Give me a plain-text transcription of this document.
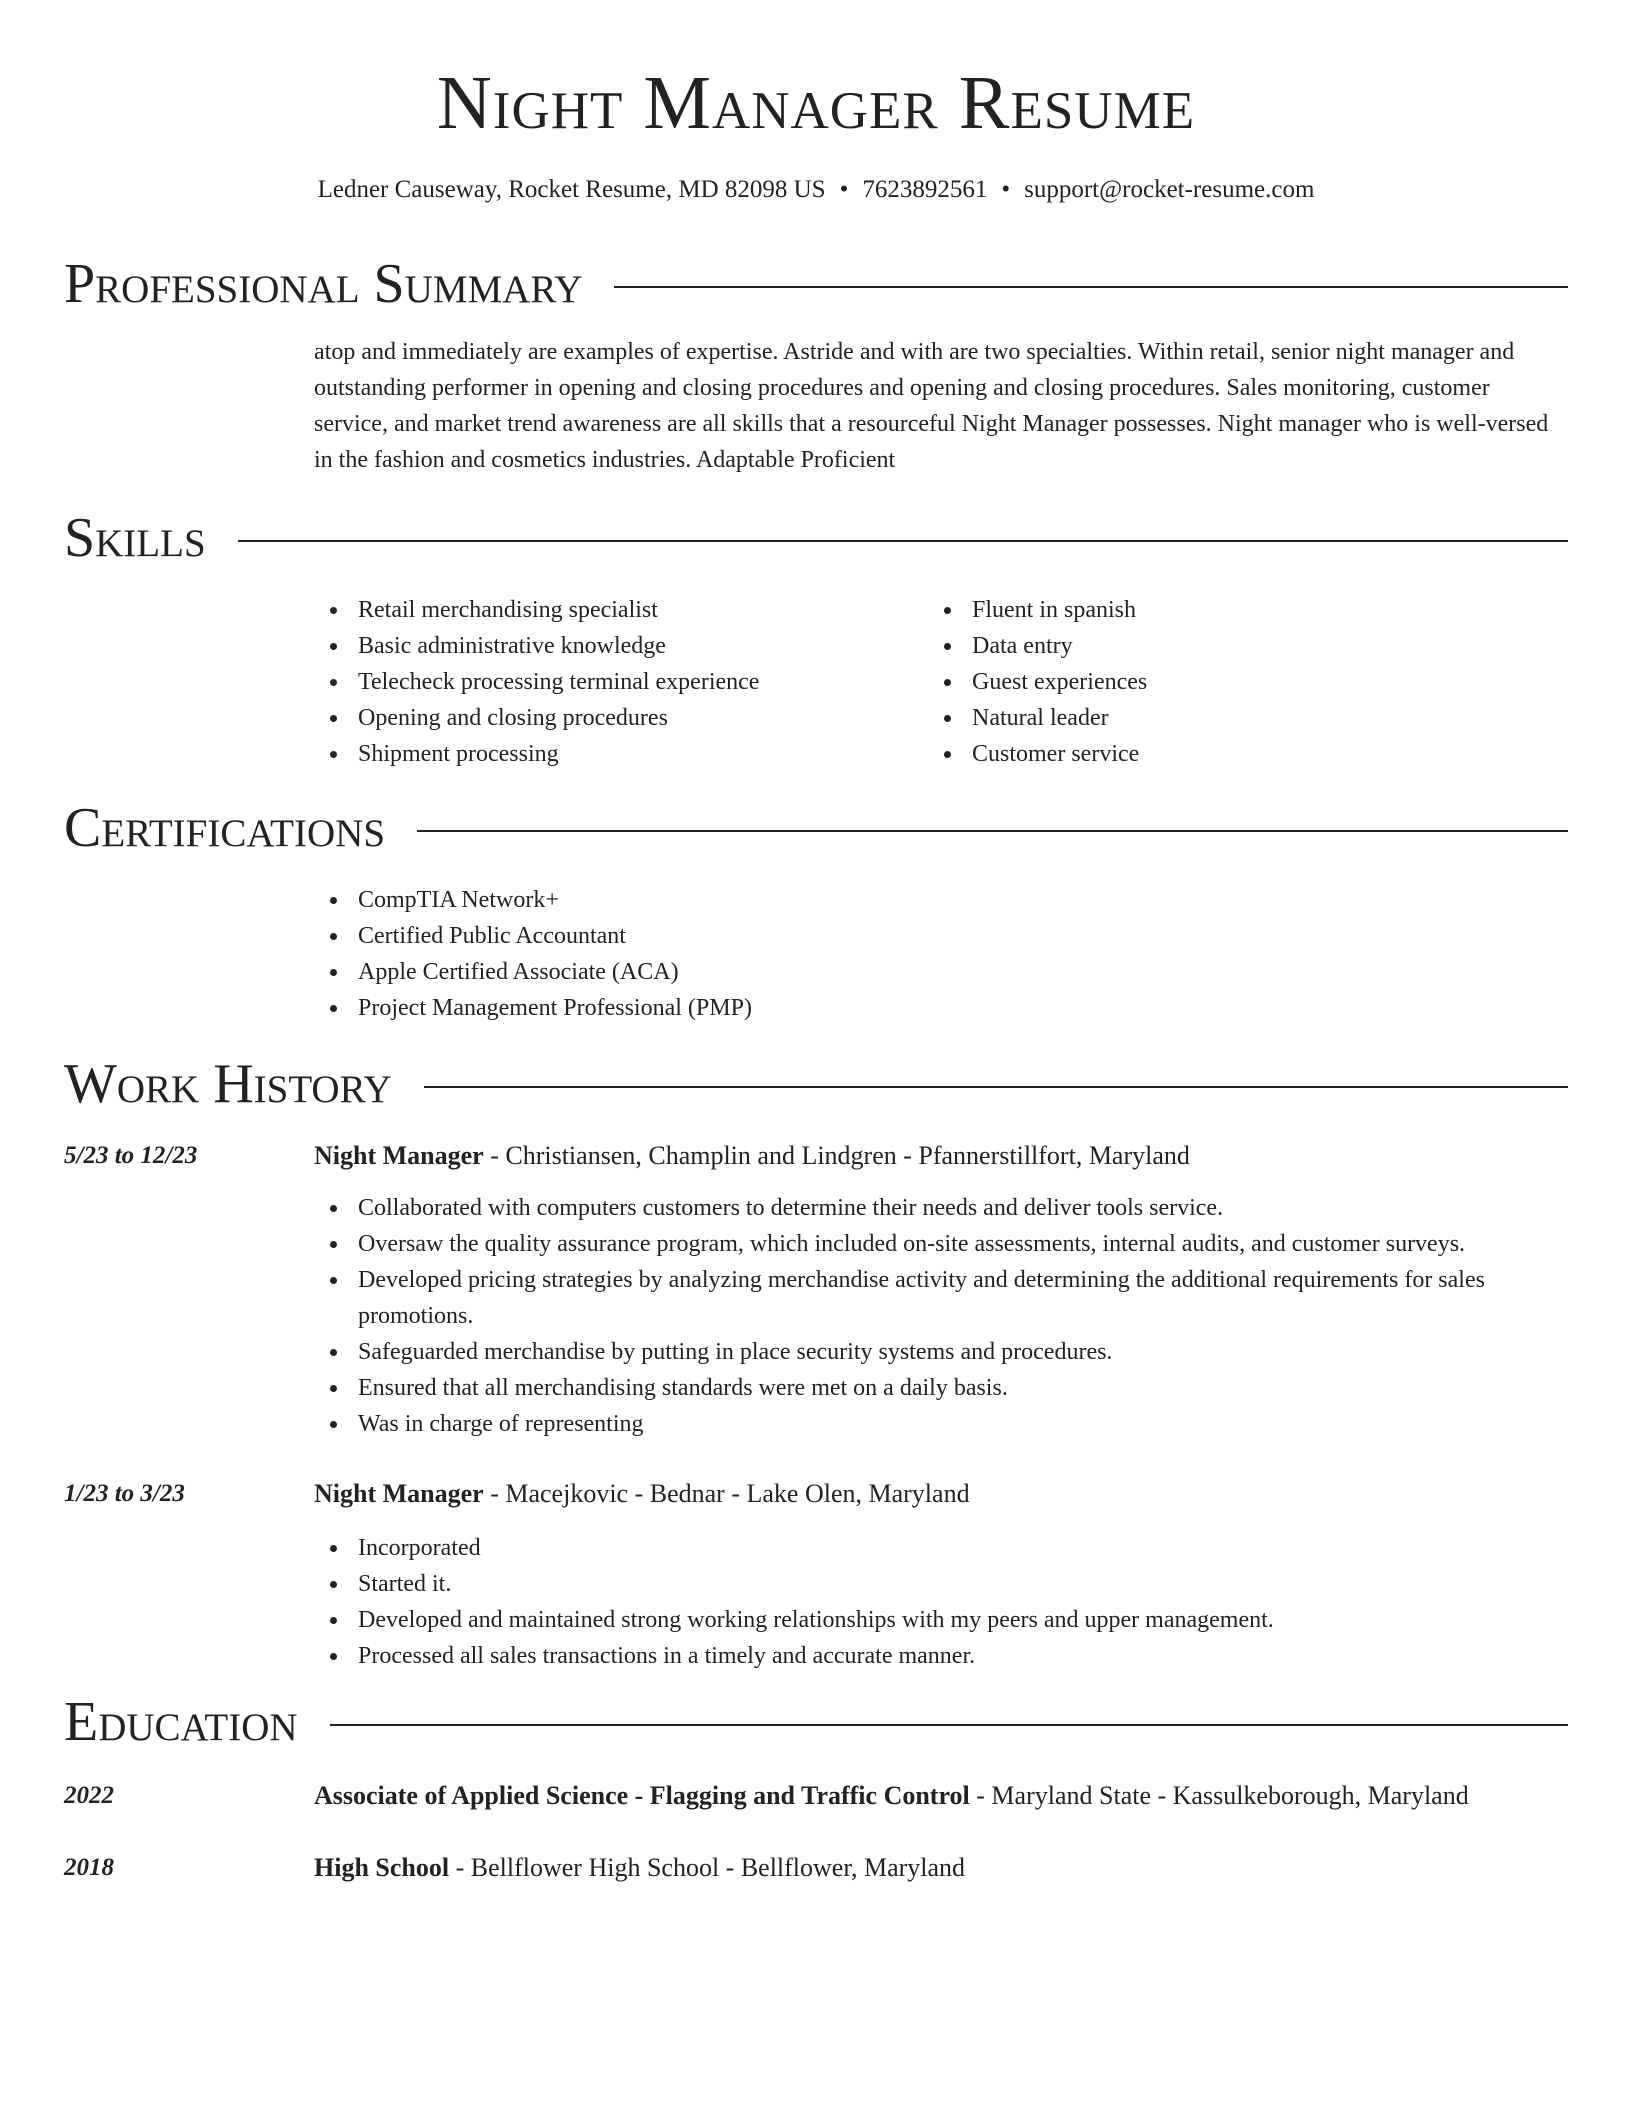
Night Manager Resume
Ledner Causeway, Rocket Resume, MD 82098 US • 7623892561 • support@rocket-resume.com
Professional Summary

atop and immediately are examples of expertise. Astride and with are two specialties. Within retail, senior night manager and outstanding performer in opening and closing procedures and opening and closing procedures. Sales monitoring, customer service, and market trend awareness are all skills that a resourceful Night Manager possesses. Night manager who is well-versed in the fashion and cosmetics industries. Adaptable Proficient

Skills
Retail merchandising specialist
Basic administrative knowledge
Telecheck processing terminal experience
Opening and closing procedures
Shipment processing
Fluent in spanish
Data entry
Guest experiences
Natural leader
Customer service
Certifications
CompTIA Network+
Certified Public Accountant
Apple Certified Associate (ACA)
Project Management Professional (PMP)
Work History
5/23 to 12/23	Night Manager - Christiansen, Champlin and Lindgren - Pfannerstillfort, Maryland
Collaborated with computers customers to determine their needs and deliver tools service.
Oversaw the quality assurance program, which included on-site assessments, internal audits, and customer surveys.
Developed pricing strategies by analyzing merchandise activity and determining the additional requirements for sales promotions.
Safeguarded merchandise by putting in place security systems and procedures.
Ensured that all merchandising standards were met on a daily basis.
Was in charge of representing
1/23 to 3/23	Night Manager - Macejkovic - Bednar - Lake Olen, Maryland
Incorporated
Started it.
Developed and maintained strong working relationships with my peers and upper management.
Processed all sales transactions in a timely and accurate manner.
Education
2022	Associate of Applied Science - Flagging and Traffic Control - Maryland State - Kassulkeborough, Maryland
2018	High School - Bellflower High School - Bellflower, Maryland
